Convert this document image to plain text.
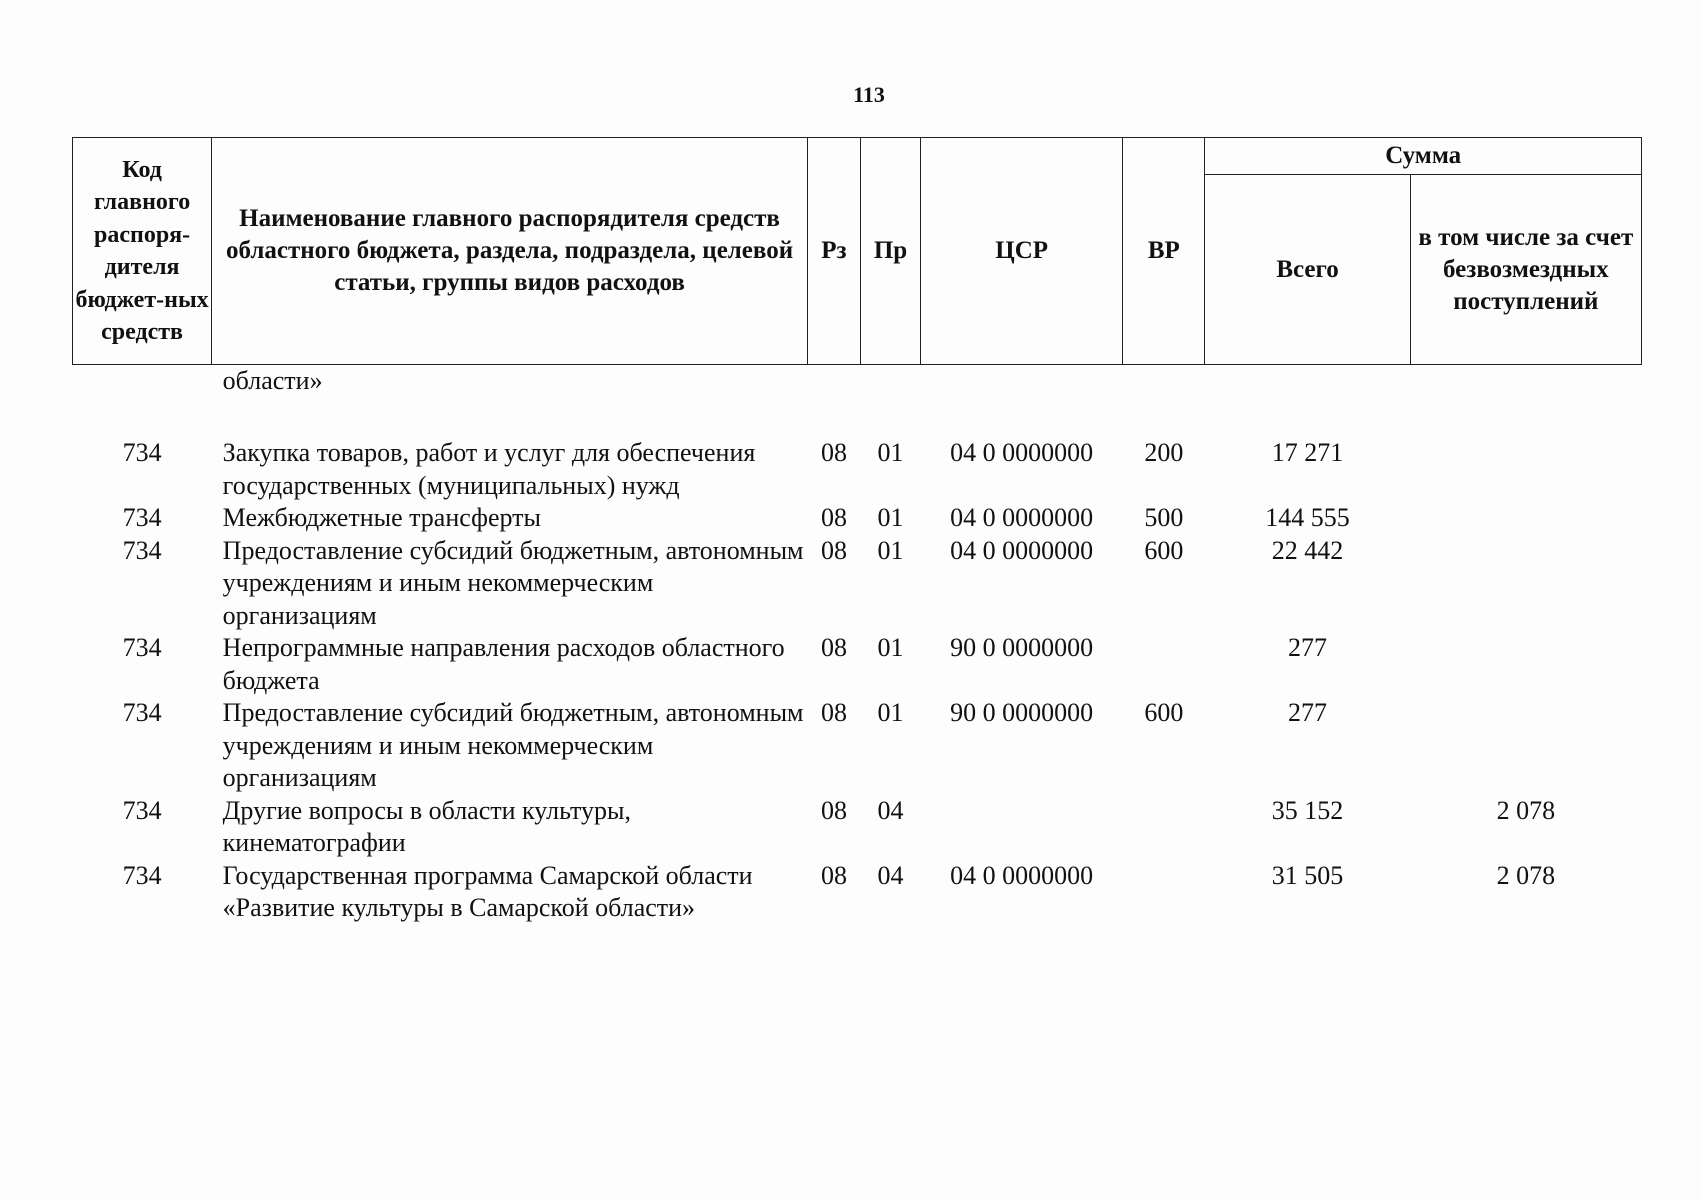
113
Код главного распоря-дителя бюджет-ных средств	Наименование главного распорядителя средств областного бюджета, раздела, подраздела, целевой статьи, группы видов расходов	Рз	Пр	ЦСР	ВР	Сумма	
						Всего	в том числе за счет безвозмездных поступлений
	области»						
734	Закупка товаров, работ и услуг для обеспечения государственных (муниципальных) нужд	08	01	04 0 0000000	200	17 271	
734	Межбюджетные трансферты	08	01	04 0 0000000	500	144 555	
734	Предоставление субсидий бюджетным, автономным учреждениям и иным некоммерческим организациям	08	01	04 0 0000000	600	22 442	
734	Непрограммные направления расходов областного бюджета	08	01	90 0 0000000		277	
734	Предоставление субсидий бюджетным, автономным учреждениям и иным некоммерческим организациям	08	01	90 0 0000000	600	277	
734	Другие вопросы в области культуры, кинематографии	08	04			35 152	2 078
734	Государственная программа Самарской области «Развитие культуры в Самарской области»	08	04	04 0 0000000		31 505	2 078
